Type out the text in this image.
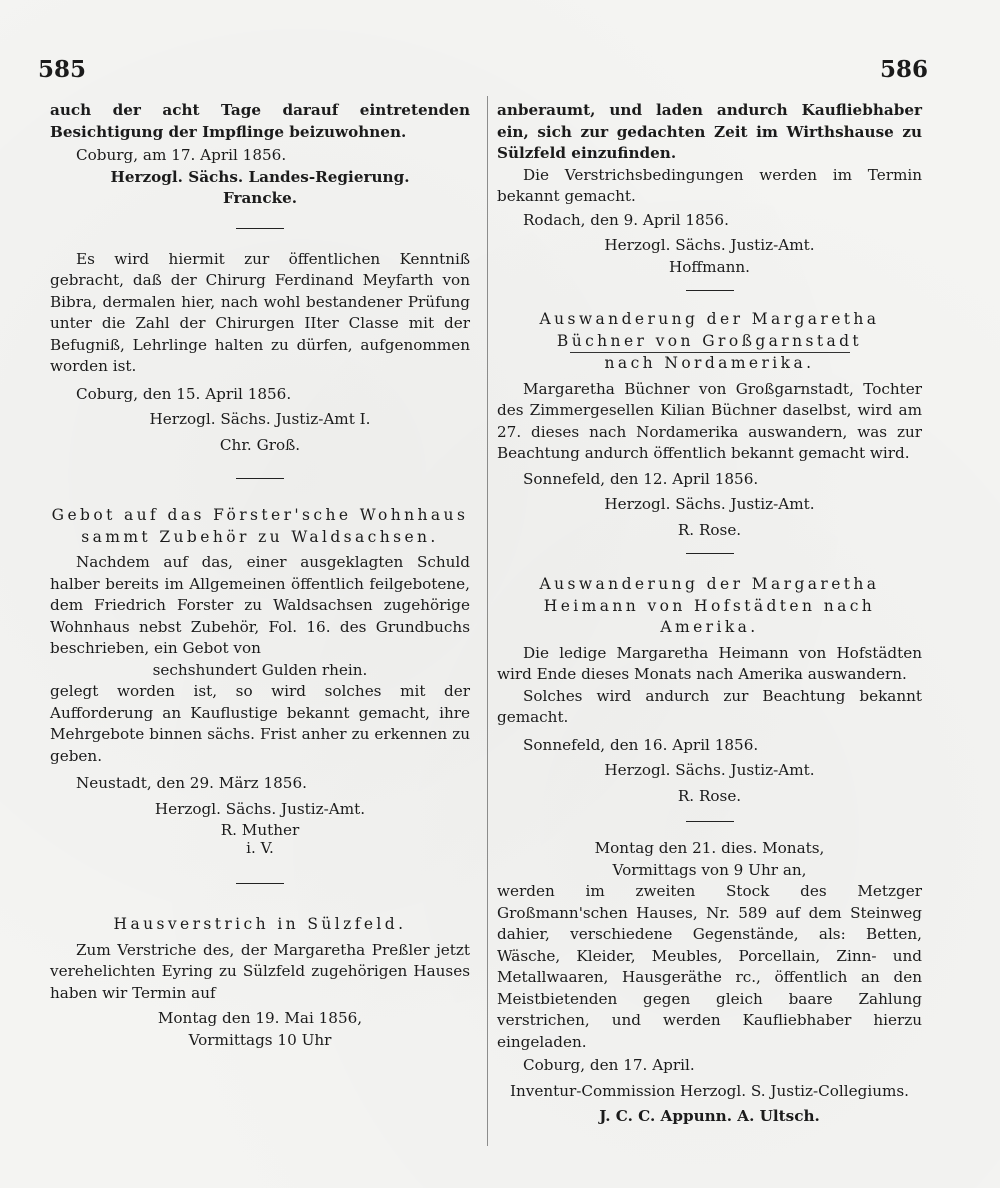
585	586

auch der acht Tage darauf eintretenden Besichtigung der Impflinge beizuwohnen.

Coburg, am 17. April 1856.

Herzogl. Sächs. Landes-Regierung.

Francke.

Es wird hiermit zur öffentlichen Kenntniß gebracht, daß der Chirurg Ferdinand Meyfarth von Bibra, dermalen hier, nach wohl bestandener Prüfung unter die Zahl der Chirurgen IIter Classe mit der Befugniß, Lehrlinge halten zu dürfen, aufgenommen worden ist.

Coburg, den 15. April 1856.

Herzogl. Sächs. Justiz-Amt I.

Chr. Groß.

Gebot auf das Förster'sche Wohnhaus

sammt Zubehör zu Waldsachsen.

Nachdem auf das, einer ausgeklagten Schuld halber bereits im Allgemeinen öffentlich feilgebotene, dem Friedrich Forster zu Waldsachsen zugehörige Wohnhaus nebst Zubehör, Fol. 16. des Grundbuchs beschrieben, ein Gebot von

sechshundert Gulden rhein.

gelegt worden ist, so wird solches mit der Aufforderung an Kauflustige bekannt gemacht, ihre Mehrgebote binnen sächs. Frist anher zu erkennen zu geben.

Neustadt, den 29. März 1856.

Herzogl. Sächs. Justiz-Amt.

R. Muther

i. V.

Hausverstrich in Sülzfeld.

Zum Verstriche des, der Margaretha Preßler jetzt verehelichten Eyring zu Sülzfeld zugehörigen Hauses haben wir Termin auf

Montag den 19. Mai 1856,

Vormittags 10 Uhr

anberaumt, und laden andurch Kaufliebhaber ein, sich zur gedachten Zeit im Wirthshause zu Sülzfeld einzufinden.

Die Verstrichsbedingungen werden im Termin bekannt gemacht.

Rodach, den 9. April 1856.

Herzogl. Sächs. Justiz-Amt.

Hoffmann.

Auswanderung der Margaretha

Büchner von Großgarnstadt

nach Nordamerika.

Margaretha Büchner von Großgarnstadt, Tochter des Zimmergesellen Kilian Büchner daselbst, wird am 27. dieses nach Nordamerika auswandern, was zur Beachtung andurch öffentlich bekannt gemacht wird.

Sonnefeld, den 12. April 1856.

Herzogl. Sächs. Justiz-Amt.

R. Rose.

Auswanderung der Margaretha Heimann von Hofstädten nach Amerika.

Die ledige Margaretha Heimann von Hofstädten wird Ende dieses Monats nach Amerika auswandern.

Solches wird andurch zur Beachtung bekannt gemacht.

Sonnefeld, den 16. April 1856.

Herzogl. Sächs. Justiz-Amt.

R. Rose.

Montag den 21. dies. Monats,

Vormittags von 9 Uhr an,

werden im zweiten Stock des Metzger Großmann'schen Hauses, Nr. 589 auf dem Steinweg dahier, verschiedene Gegenstände, als: Betten, Wäsche, Kleider, Meubles, Porcellain, Zinn- und Metallwaaren, Hausgeräthe rc., öffentlich an den Meistbietenden gegen gleich baare Zahlung verstrichen, und werden Kaufliebhaber hierzu eingeladen.

Coburg, den 17. April.

Inventur-Commission Herzogl. S. Justiz-Collegiums.

J. C. C. Appunn. A. Ultsch.
